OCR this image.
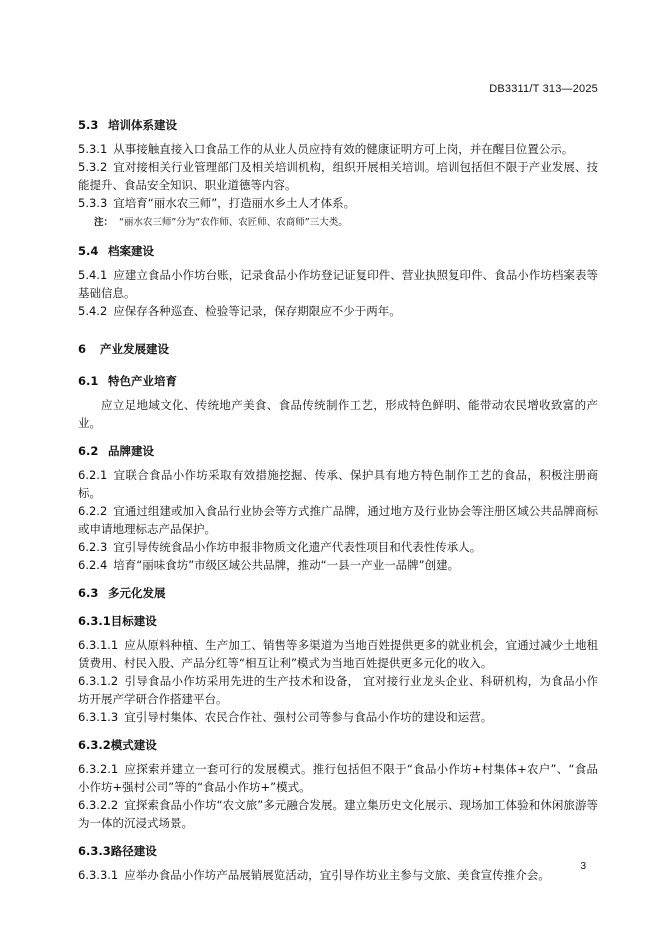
DB3311/T 313—2025
5.3 培训体系建设
5.3.1 从事接触直接入口食品工作的从业人员应持有效的健康证明方可上岗，并在醒目位置公示。
5.3.2 宜对接相关行业管理部门及相关培训机构，组织开展相关培训。培训包括但不限于产业发展、技能提升、食品安全知识、职业道德等内容。
5.3.3 宜培育“丽水农三师”，打造丽水乡土人才体系。
注： “丽水农三师”分为“农作师、农匠师、农商师”三大类。
5.4 档案建设
5.4.1 应建立食品小作坊台账，记录食品小作坊登记证复印件、营业执照复印件、食品小作坊档案表等基础信息。
5.4.2 应保存各种巡查、检验等记录，保存期限应不少于两年。
6 产业发展建设
6.1 特色产业培育
应立足地域文化、传统地产美食、食品传统制作工艺，形成特色鲜明、能带动农民增收致富的产业。
6.2 品牌建设
6.2.1 宜联合食品小作坊采取有效措施挖掘、传承、保护具有地方特色制作工艺的食品，积极注册商标。
6.2.2 宜通过组建或加入食品行业协会等方式推广品牌，通过地方及行业协会等注册区域公共品牌商标或申请地理标志产品保护。
6.2.3 宜引导传统食品小作坊申报非物质文化遗产代表性项目和代表性传承人。
6.2.4 培育“丽味食坊”市级区域公共品牌，推动“一县一产业一品牌”创建。
6.3 多元化发展
6.3.1目标建设
6.3.1.1 应从原料种植、生产加工、销售等多渠道为当地百姓提供更多的就业机会，宜通过减少土地租赁费用、村民入股、产品分红等“相互让利”模式为当地百姓提供更多元化的收入。
6.3.1.2 引导食品小作坊采用先进的生产技术和设备， 宜对接行业龙头企业、科研机构，为食品小作坊开展产学研合作搭建平台。
6.3.1.3 宜引导村集体、农民合作社、强村公司等参与食品小作坊的建设和运营。
6.3.2模式建设
6.3.2.1 应探索并建立一套可行的发展模式。推行包括但不限于“食品小作坊+村集体+农户”、“食品小作坊+强村公司”等的“食品小作坊+”模式。
6.3.2.2 宜探索食品小作坊“农文旅”多元融合发展。建立集历史文化展示、现场加工体验和休闲旅游等为一体的沉浸式场景。
6.3.3路径建设
6.3.3.1 应举办食品小作坊产品展销展览活动，宜引导作坊业主参与文旅、美食宣传推介会。
3
